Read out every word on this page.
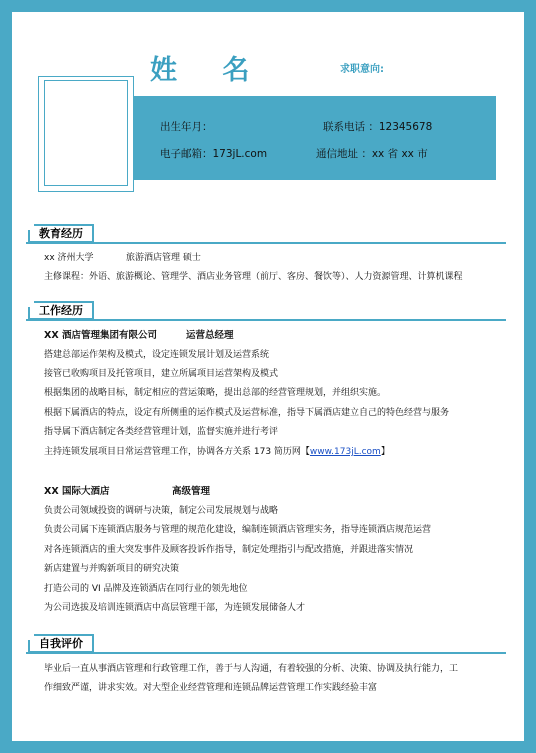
姓 名	求职意向:
出生年月：	联系电话 ：12345678
电子邮箱：173jL.com	通信地址 ：xx 省 xx 市
教育经历
xx 济州大学	旅游酒店管理 硕士
主修课程：外语、旅游概论、管理学、酒店业务管理（前厅、客房、餐饮等）、人力资源管理、计算机课程
工作经历
XX 酒店管理集团有限公司	运营总经理
搭建总部运作架构及模式，设定连锁发展计划及运营系统
接管已收购项目及托管项目，建立所属项目运营架构及模式
根据集团的战略目标，制定相应的营运策略，提出总部的经营管理规划，并组织实施。
根据下属酒店的特点，设定有所侧重的运作模式及运营标准，指导下属酒店建立自己的特色经营与服务
指导属下酒店制定各类经营管理计划，监督实施并进行考评
主持连锁发展项目日常运营管理工作，协调各方关系 173 简历网【www.173jL.com】
XX 国际大酒店	高级管理
负责公司领域投资的调研与决策，制定公司发展规划与战略
负责公司属下连锁酒店服务与管理的规范化建设，编制连锁酒店管理实务，指导连锁酒店规范运营
对各连锁酒店的重大突发事件及顾客投诉作指导，制定处理指引与配改措施，并跟进落实情况
新店建置与并购新项目的研究决策
打造公司的 VI 品牌及连锁酒店在同行业的领先地位
为公司选拔及培训连锁酒店中高层管理干部，为连锁发展储备人才
自我评价
毕业后一直从事酒店管理和行政管理工作，善于与人沟通，有着较强的分析、决策、协调及执行能力，工
作细致严谨，讲求实效。对大型企业经营管理和连锁品牌运营管理工作实践经验丰富
